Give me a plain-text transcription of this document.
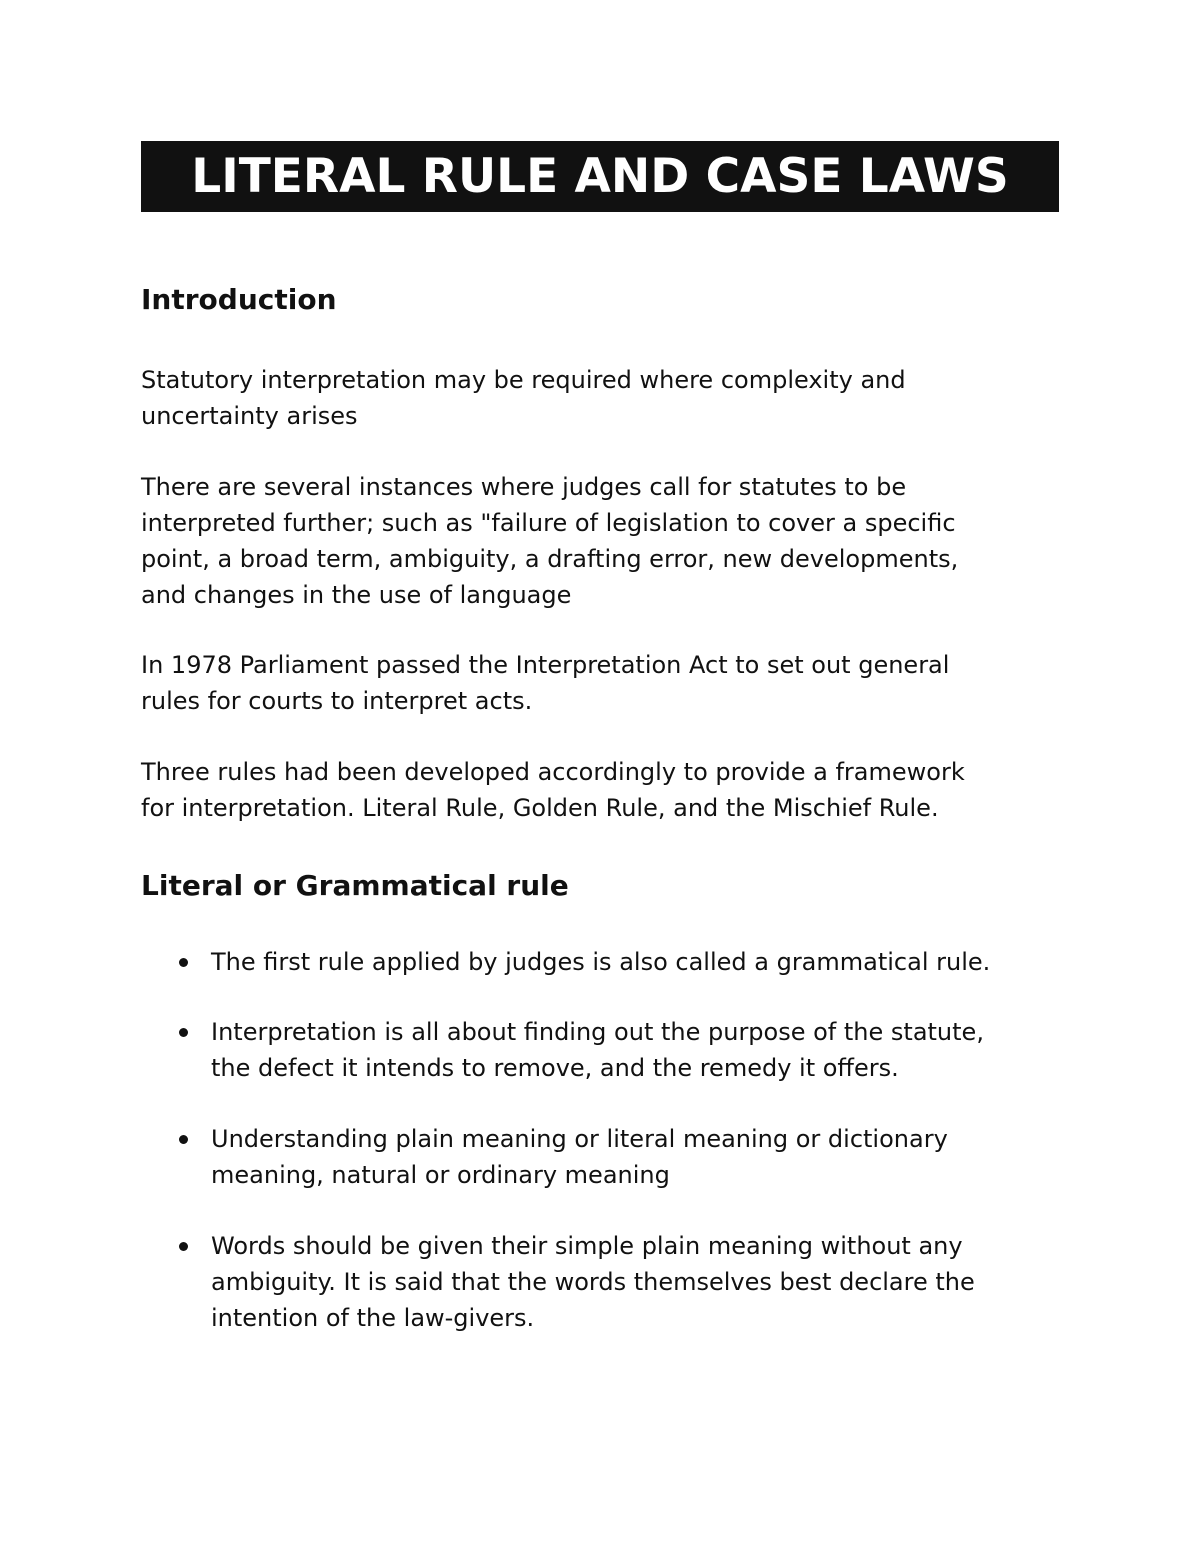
LITERAL RULE AND CASE LAWS
Introduction

Statutory interpretation may be required where complexity and
uncertainty arises

There are several instances where judges call for statutes to be
interpreted further; such as "failure of legislation to cover a specific
point, a broad term, ambiguity, a drafting error, new developments,
and changes in the use of language

In 1978 Parliament passed the Interpretation Act to set out general
rules for courts to interpret acts.

Three rules had been developed accordingly to provide a framework
for interpretation. Literal Rule, Golden Rule, and the Mischief Rule.

Literal or Grammatical rule
The first rule applied by judges is also called a grammatical rule.
Interpretation is all about finding out the purpose of the statute,
the defect it intends to remove, and the remedy it offers.
Understanding plain meaning or literal meaning or dictionary
meaning, natural or ordinary meaning
Words should be given their simple plain meaning without any
ambiguity. It is said that the words themselves best declare the
intention of the law-givers.
